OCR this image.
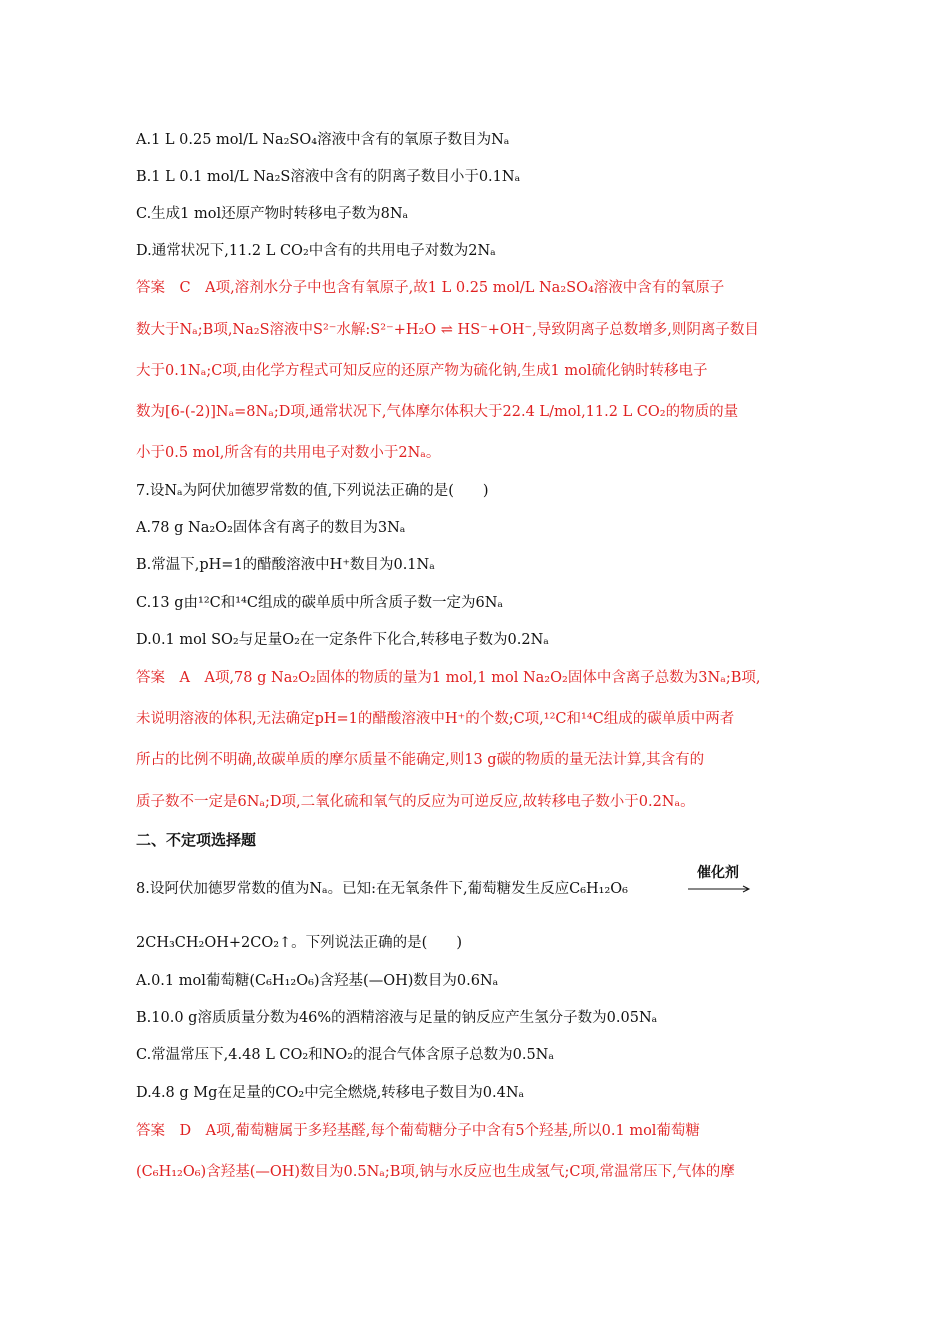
A.1 L 0.25 mol/L Na₂SO₄溶液中含有的氧原子数目为Nₐ
B.1 L 0.1 mol/L Na₂S溶液中含有的阴离子数目小于0.1Nₐ
C.生成1 mol还原产物时转移电子数为8Nₐ
D.通常状况下,11.2 L CO₂中含有的共用电子对数为2Nₐ
答案　C　A项,溶剂水分子中也含有氧原子,故1 L 0.25 mol/L Na₂SO₄溶液中含有的氧原子
数大于Nₐ;B项,Na₂S溶液中S²⁻水解:S²⁻+H₂O ⇌ HS⁻+OH⁻,导致阴离子总数增多,则阴离子数目
大于0.1Nₐ;C项,由化学方程式可知反应的还原产物为硫化钠,生成1 mol硫化钠时转移电子
数为[6-(-2)]Nₐ=8Nₐ;D项,通常状况下,气体摩尔体积大于22.4 L/mol,11.2 L CO₂的物质的量
小于0.5 mol,所含有的共用电子对数小于2Nₐ。
7.设Nₐ为阿伏加德罗常数的值,下列说法正确的是(　　)
A.78 g Na₂O₂固体含有离子的数目为3Nₐ
B.常温下,pH=1的醋酸溶液中H⁺数目为0.1Nₐ
C.13 g由¹²C和¹⁴C组成的碳单质中所含质子数一定为6Nₐ
D.0.1 mol SO₂与足量O₂在一定条件下化合,转移电子数为0.2Nₐ
答案　A　A项,78 g Na₂O₂固体的物质的量为1 mol,1 mol Na₂O₂固体中含离子总数为3Nₐ;B项,
未说明溶液的体积,无法确定pH=1的醋酸溶液中H⁺的个数;C项,¹²C和¹⁴C组成的碳单质中两者
所占的比例不明确,故碳单质的摩尔质量不能确定,则13 g碳的物质的量无法计算,其含有的
质子数不一定是6Nₐ;D项,二氧化硫和氧气的反应为可逆反应,故转移电子数小于0.2Nₐ。
二、不定项选择题
8.设阿伏加德罗常数的值为Nₐ。已知:在无氧条件下,葡萄糖发生反应C₆H₁₂O₆
催化剂
2CH₃CH₂OH+2CO₂↑。下列说法正确的是(　　)
A.0.1 mol葡萄糖(C₆H₁₂O₆)含羟基(—OH)数目为0.6Nₐ
B.10.0 g溶质质量分数为46%的酒精溶液与足量的钠反应产生氢分子数为0.05Nₐ
C.常温常压下,4.48 L CO₂和NO₂的混合气体含原子总数为0.5Nₐ
D.4.8 g Mg在足量的CO₂中完全燃烧,转移电子数目为0.4Nₐ
答案　D　A项,葡萄糖属于多羟基醛,每个葡萄糖分子中含有5个羟基,所以0.1 mol葡萄糖
(C₆H₁₂O₆)含羟基(—OH)数目为0.5Nₐ;B项,钠与水反应也生成氢气;C项,常温常压下,气体的摩
